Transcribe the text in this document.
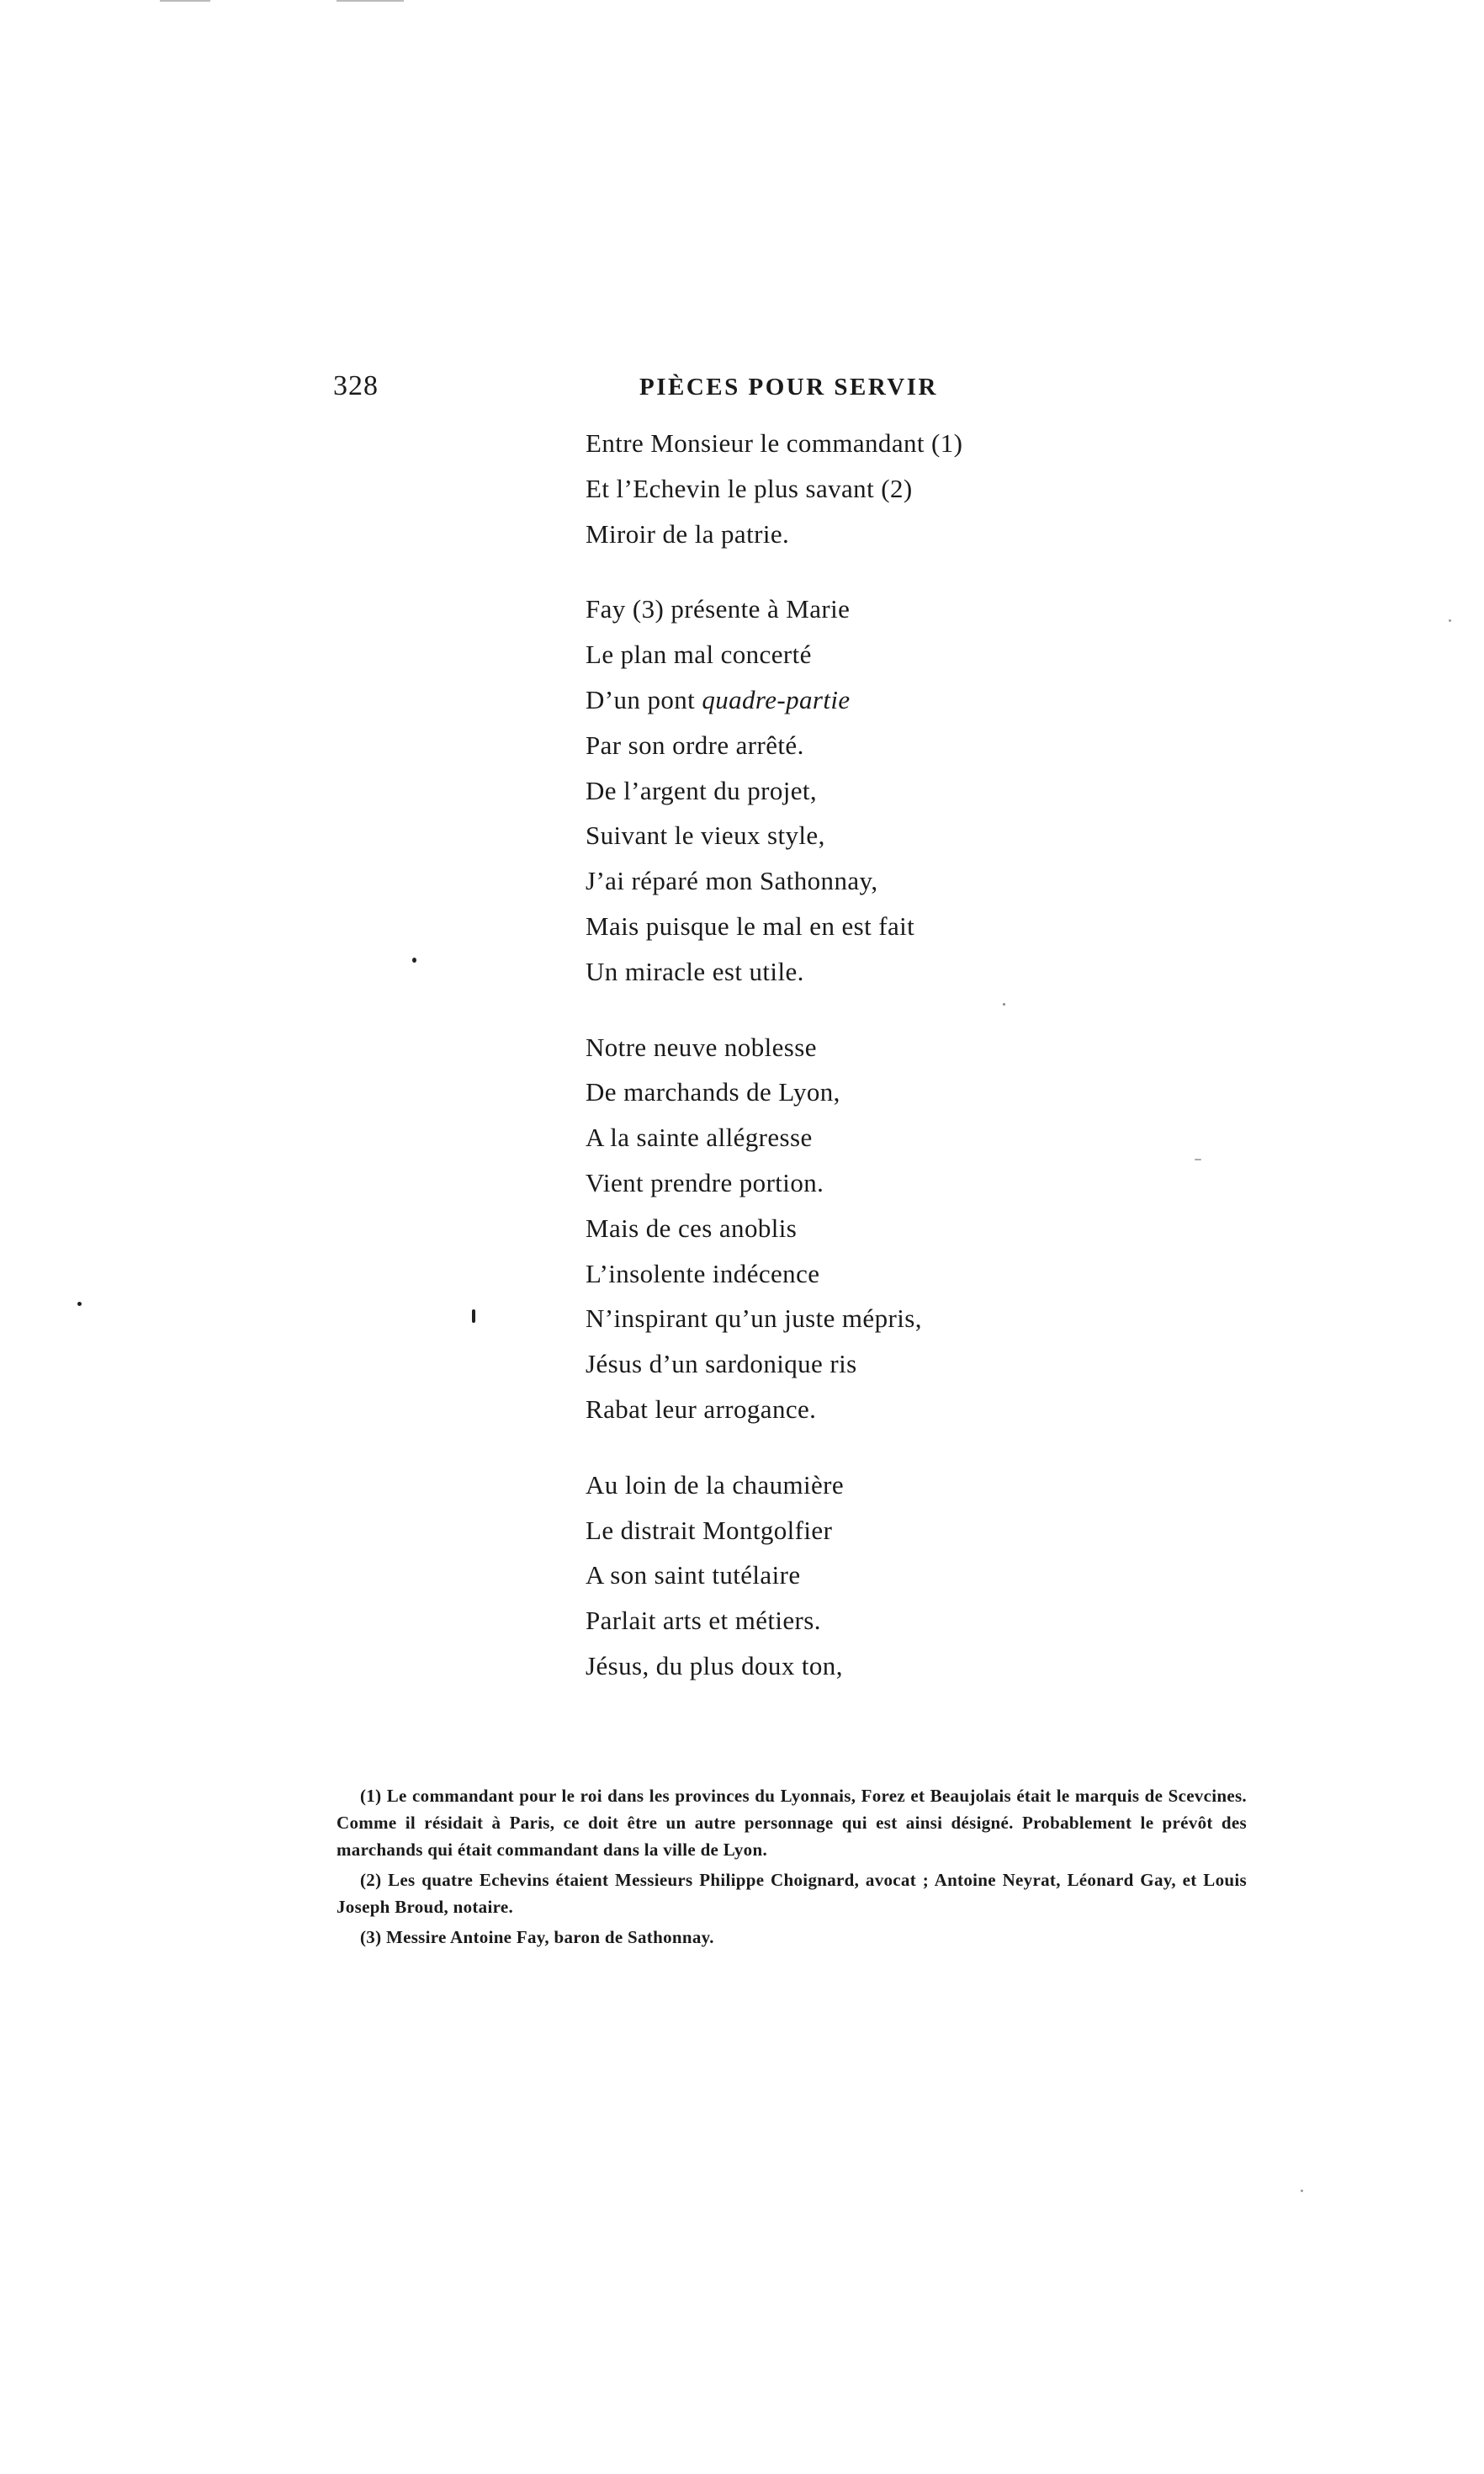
328	PIÈCES POUR SERVIR
Entre Monsieur le commandant (1)
Et l’Echevin le plus savant (2)
Miroir de la patrie.
Fay (3) présente à Marie
Le plan mal concerté
D’un pont quadre-partie
Par son ordre arrêté.
De l’argent du projet,
Suivant le vieux style,
J’ai réparé mon Sathonnay,
Mais puisque le mal en est fait
Un miracle est utile.
Notre neuve noblesse
De marchands de Lyon,
A la sainte allégresse
Vient prendre portion.
Mais de ces anoblis
L’insolente indécence
N’inspirant qu’un juste mépris,
Jésus d’un sardonique ris
Rabat leur arrogance.
Au loin de la chaumière
Le distrait Montgolfier
A son saint tutélaire
Parlait arts et métiers.
Jésus, du plus doux ton,

(1) Le commandant pour le roi dans les provinces du Lyonnais, Forez et Beaujolais était le marquis de Scevcines. Comme il résidait à Paris, ce doit être un autre personnage qui est ainsi désigné. Probablement le prévôt des marchands qui était commandant dans la ville de Lyon.

(2) Les quatre Echevins étaient Messieurs Philippe Choignard, avocat ; Antoine Neyrat, Léonard Gay, et Louis Joseph Broud, notaire.

(3) Messire Antoine Fay, baron de Sathonnay.
